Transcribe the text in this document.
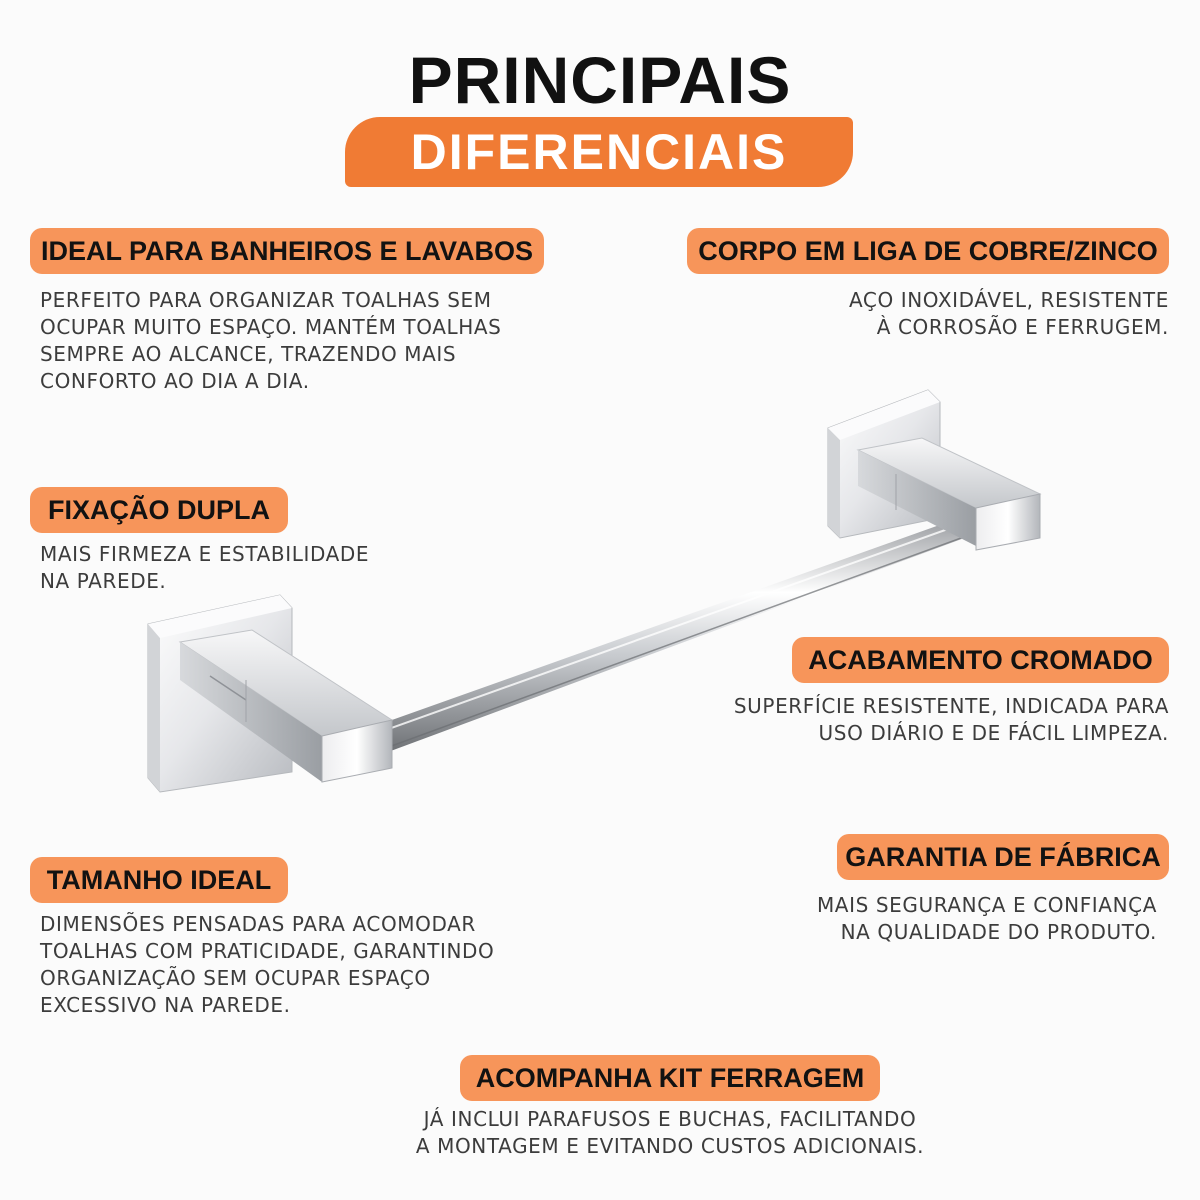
PRINCIPAIS
DIFERENCIAIS
IDEAL PARA BANHEIROS E LAVABOS
PERFEITO PARA ORGANIZAR TOALHAS SEM
OCUPAR MUITO ESPAÇO. MANTÉM TOALHAS
SEMPRE AO ALCANCE, TRAZENDO MAIS
CONFORTO AO DIA A DIA.
CORPO EM LIGA DE COBRE/ZINCO
AÇO INOXIDÁVEL, RESISTENTE
À CORROSÃO E FERRUGEM.
FIXAÇÃO DUPLA
MAIS FIRMEZA E ESTABILIDADE
NA PAREDE.
ACABAMENTO CROMADO
SUPERFÍCIE RESISTENTE, INDICADA PARA
USO DIÁRIO E DE FÁCIL LIMPEZA.
TAMANHO IDEAL
DIMENSÕES PENSADAS PARA ACOMODAR
TOALHAS COM PRATICIDADE, GARANTINDO
ORGANIZAÇÃO SEM OCUPAR ESPAÇO
EXCESSIVO NA PAREDE.
GARANTIA DE FÁBRICA
MAIS SEGURANÇA E CONFIANÇA
NA QUALIDADE DO PRODUTO.
ACOMPANHA KIT FERRAGEM
JÁ INCLUI PARAFUSOS E BUCHAS, FACILITANDO
A MONTAGEM E EVITANDO CUSTOS ADICIONAIS.
